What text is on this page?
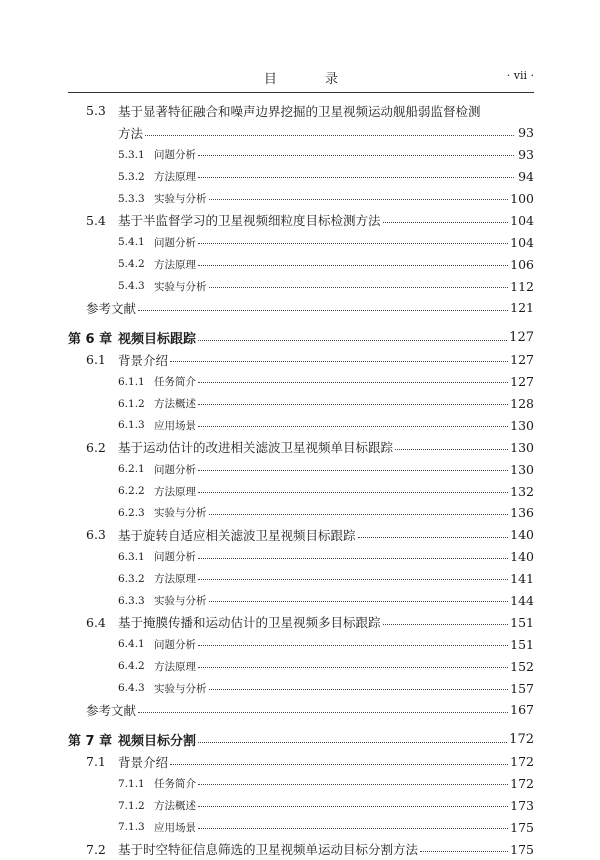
目 录	· vii ·
5.3 基于显著特征融合和噪声边界挖掘的卫星视频运动舰船弱监督检测
方法	93
5.3.1 问题分析	93
5.3.2 方法原理	94
5.3.3 实验与分析	100
5.4 基于半监督学习的卫星视频细粒度目标检测方法	104
5.4.1 问题分析	104
5.4.2 方法原理	106
5.4.3 实验与分析	112
参考文献	121
第 6 章 视频目标跟踪	127
6.1 背景介绍	127
6.1.1 任务简介	127
6.1.2 方法概述	128
6.1.3 应用场景	130
6.2 基于运动估计的改进相关滤波卫星视频单目标跟踪	130
6.2.1 问题分析	130
6.2.2 方法原理	132
6.2.3 实验与分析	136
6.3 基于旋转自适应相关滤波卫星视频目标跟踪	140
6.3.1 问题分析	140
6.3.2 方法原理	141
6.3.3 实验与分析	144
6.4 基于掩膜传播和运动估计的卫星视频多目标跟踪	151
6.4.1 问题分析	151
6.4.2 方法原理	152
6.4.3 实验与分析	157
参考文献	167
第 7 章 视频目标分割	172
7.1 背景介绍	172
7.1.1 任务简介	172
7.1.2 方法概述	173
7.1.3 应用场景	175
7.2 基于时空特征信息筛选的卫星视频单运动目标分割方法	175
